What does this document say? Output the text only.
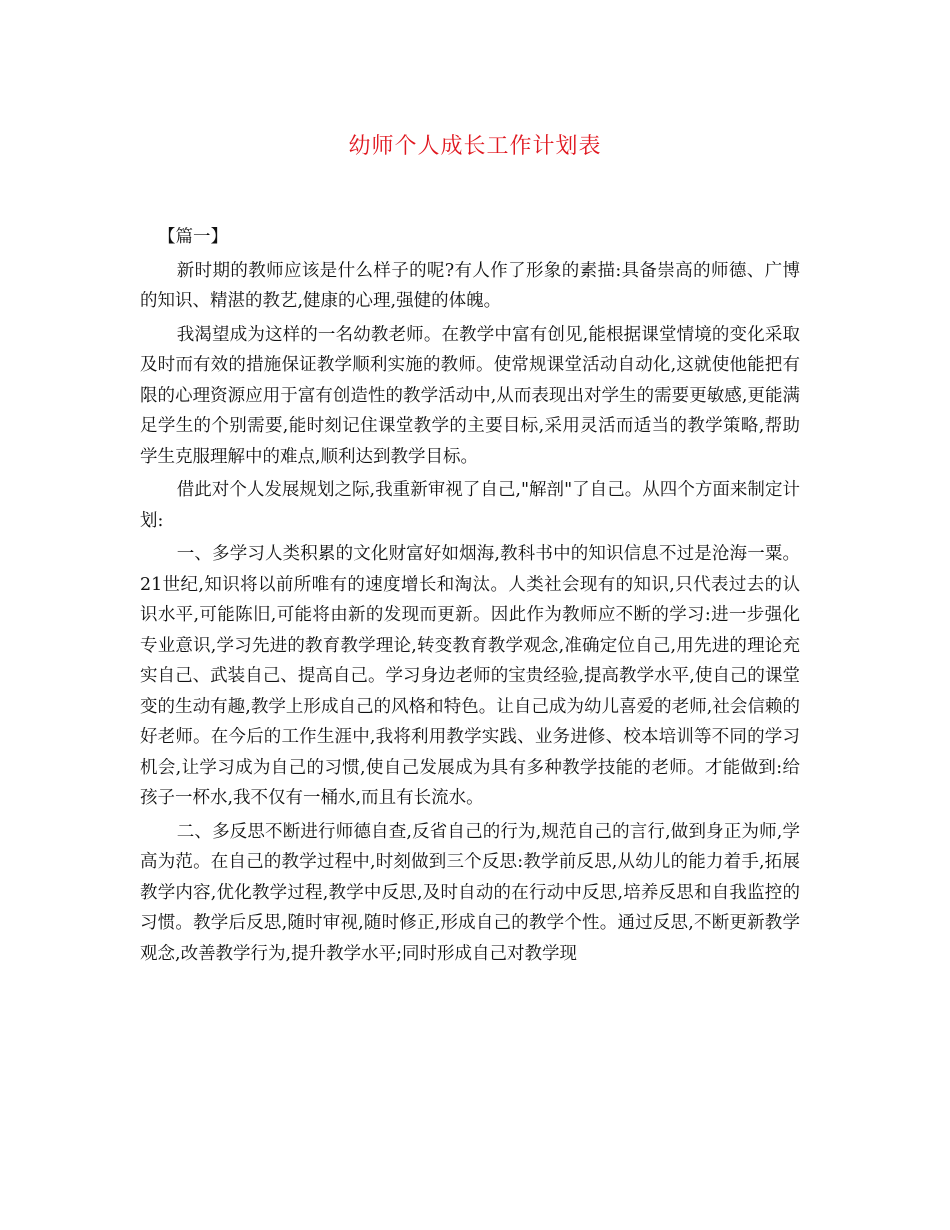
幼师个人成长工作计划表
【篇一】

新时期的教师应该是什么样子的呢?有人作了形象的素描:具备崇高的师德、广博的知识、精湛的教艺,健康的心理,强健的体魄。

我渴望成为这样的一名幼教老师。在教学中富有创见,能根据课堂情境的变化采取及时而有效的措施保证教学顺利实施的教师。使常规课堂活动自动化,这就使他能把有限的心理资源应用于富有创造性的教学活动中,从而表现出对学生的需要更敏感,更能满足学生的个别需要,能时刻记住课堂教学的主要目标,采用灵活而适当的教学策略,帮助学生克服理解中的难点,顺利达到教学目标。

借此对个人发展规划之际,我重新审视了自己,"解剖"了自己。从四个方面来制定计划:

一、多学习人类积累的文化财富好如烟海,教科书中的知识信息不过是沧海一粟。21世纪,知识将以前所唯有的速度增长和淘汰。人类社会现有的知识,只代表过去的认识水平,可能陈旧,可能将由新的发现而更新。因此作为教师应不断的学习:进一步强化专业意识,学习先进的教育教学理论,转变教育教学观念,准确定位自己,用先进的理论充实自己、武装自己、提高自己。学习身边老师的宝贵经验,提高教学水平,使自己的课堂变的生动有趣,教学上形成自己的风格和特色。让自己成为幼儿喜爱的老师,社会信赖的好老师。在今后的工作生涯中,我将利用教学实践、业务进修、校本培训等不同的学习机会,让学习成为自己的习惯,使自己发展成为具有多种教学技能的老师。才能做到:给孩子一杯水,我不仅有一桶水,而且有长流水。

二、多反思不断进行师德自查,反省自己的行为,规范自己的言行,做到身正为师,学高为范。在自己的教学过程中,时刻做到三个反思:教学前反思,从幼儿的能力着手,拓展教学内容,优化教学过程,教学中反思,及时自动的在行动中反思,培养反思和自我监控的习惯。教学后反思,随时审视,随时修正,形成自己的教学个性。通过反思,不断更新教学观念,改善教学行为,提升教学水平;同时形成自己对教学现
